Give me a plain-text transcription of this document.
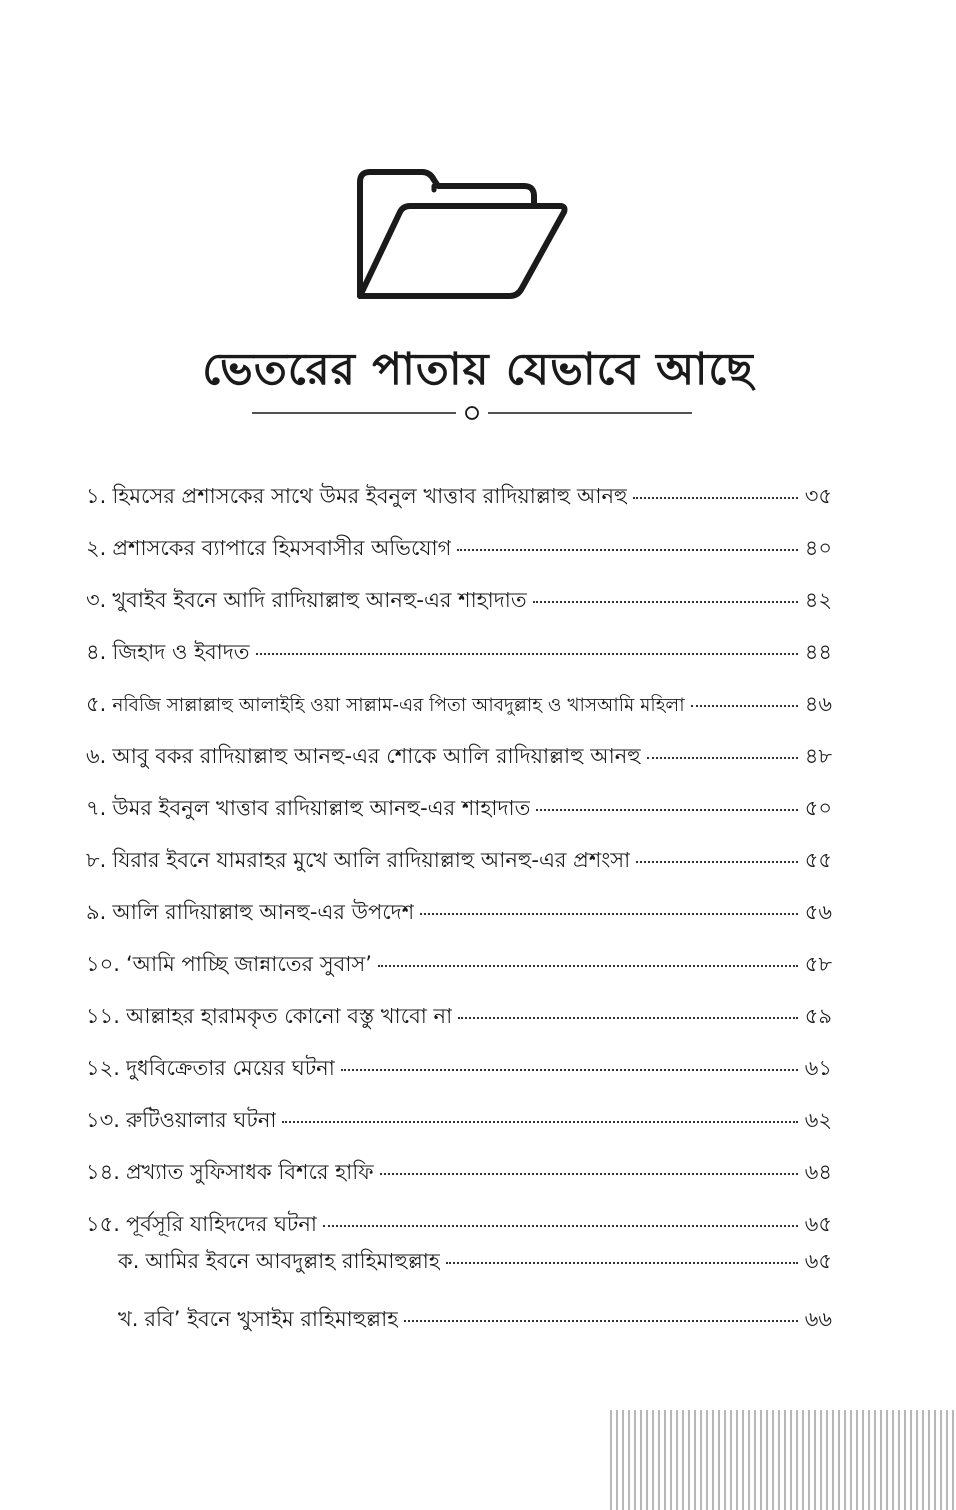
ভেতরের পাতায় যেভাবে আছে
১. হিমসের প্রশাসকের সাথে উমর ইবনুল খাত্তাব রাদিয়াল্লাহু আনহু	৩৫
২. প্রশাসকের ব্যাপারে হিমসবাসীর অভিযোগ	৪০
৩. খুবাইব ইবনে আদি রাদিয়াল্লাহু আনহু-এর শাহাদাত	৪২
৪. জিহাদ ও ইবাদত	৪৪
৫. নবিজি সাল্লাল্লাহু আলাইহি ওয়া সাল্লাম-এর পিতা আবদুল্লাহ ও খাসআমি মহিলা	৪৬
৬. আবু বকর রাদিয়াল্লাহু আনহু-এর শোকে আলি রাদিয়াল্লাহু আনহু	৪৮
৭. উমর ইবনুল খাত্তাব রাদিয়াল্লাহু আনহু-এর শাহাদাত	৫০
৮. যিরার ইবনে যামরাহর মুখে আলি রাদিয়াল্লাহু আনহু-এর প্রশংসা	৫৫
৯. আলি রাদিয়াল্লাহু আনহু-এর উপদেশ	৫৬
১০. ‘আমি পাচ্ছি জান্নাতের সুবাস’	৫৮
১১. আল্লাহর হারামকৃত কোনো বস্তু খাবো না	৫৯
১২. দুধবিক্রেতার মেয়ের ঘটনা	৬১
১৩. রুটিওয়ালার ঘটনা	৬২
১৪. প্রখ্যাত সুফিসাধক বিশরে হাফি	৬৪
১৫. পূর্বসূরি যাহিদদের ঘটনা	৬৫
ক. আমির ইবনে আবদুল্লাহ রাহিমাহুল্লাহ	৬৫
খ. রবি’ ইবনে খুসাইম রাহিমাহুল্লাহ	৬৬
